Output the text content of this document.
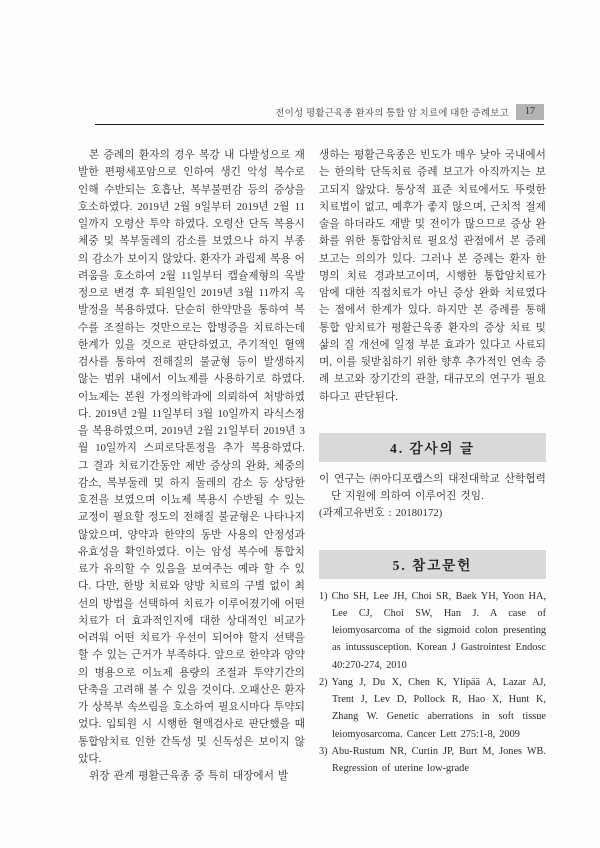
전이성 평활근육종 환자의 통합 암 치료에 대한 증례보고	17

본 증례의 환자의 경우 복강 내 다발성으로 재발한 편평세포암으로 인하여 생긴 악성 복수로 인해 수반되는 호흡난, 복부불편감 등의 증상을 호소하였다. 2019년 2월 9일부터 2019년 2월 11일까지 오령산 투약 하였다. 오령산 단독 복용시 체중 및 복부둘레의 감소를 보였으나 하지 부종의 감소가 보이지 않았다. 환자가 과립제 복용 어려움을 호소하여 2월 11일부터 캡슐제형의 옥발정으로 변경 후 퇴원일인 2019년 3월 11까지 옥발정을 복용하였다. 단순히 한약만을 통하여 복수를 조절하는 것만으로는 합병증을 치료하는데 한계가 있을 것으로 판단하였고, 주기적인 혈액검사를 통하여 전해질의 불균형 등이 발생하지 않는 범위 내에서 이뇨제를 사용하기로 하였다. 이뇨제는 본원 가정의학과에 의뢰하여 처방하였다. 2019년 2월 11일부터 3월 10일까지 라식스정을 복용하였으며, 2019년 2월 21일부터 2019년 3월 10일까지 스피로닥톤정을 추가 복용하였다. 그 결과 치료기간동안 제반 증상의 완화, 체중의 감소, 복부둘레 및 하지 둘레의 감소 등 상당한 호전을 보였으며 이뇨제 복용시 수반될 수 있는 교정이 필요할 정도의 전해질 불균형은 나타나지 않았으며, 양약과 한약의 동반 사용의 안정성과 유효성을 확인하였다. 이는 암성 복수에 통합치료가 유의할 수 있음을 보여주는 예라 할 수 있다. 다만, 한방 치료와 양방 치료의 구별 없이 최선의 방법을 선택하여 치료가 이루어졌기에 어떤 치료가 더 효과적인지에 대한 상대적인 비교가 어려워 어떤 치료가 우선이 되어야 할지 선택을 할 수 있는 근거가 부족하다. 앞으로 한약과 양약의 병용으로 이뇨제 용량의 조절과 투약기간의 단축을 고려해 볼 수 있을 것이다. 오패산은 환자가 상복부 속쓰림을 호소하여 필요시마다 투약되었다. 입퇴원 시 시행한 혈액검사로 판단했을 때 통합암치료 인한 간독성 및 신독성은 보이지 않았다.

위장 관계 평활근육종 중 특히 대장에서 발

생하는 평활근육종은 빈도가 매우 낮아 국내에서는 한의학 단독치료 증례 보고가 아직까지는 보고되지 않았다. 통상적 표준 치료에서도 뚜렷한 치료법이 없고, 예후가 좋지 않으며, 근치적 절제술을 하더라도 재발 및 전이가 많으므로 증상 완화를 위한 통합암치료 필요성 관점에서 본 증례보고는 의의가 있다. 그러나 본 증례는 환자 한 명의 치료 경과보고이며, 시행한 통합암치료가 암에 대한 직접치료가 아닌 증상 완화 치료였다는 점에서 한계가 있다. 하지만 본 증례를 통해 통합 암치료가 평활근육종 환자의 증상 치료 및 삶의 질 개선에 일정 부분 효과가 있다고 사료되며, 이를 뒷받침하기 위한 향후 추가적인 연속 증례 보고와 장기간의 관찰, 대규모의 연구가 필요하다고 판단된다.

4. 감사의 글

이 연구는 ㈜아디포랩스의 대전대학교 산학협력단 지원에 의하여 이루어진 것임.

(과제고유번호 : 20180172)

5. 참고문헌
1) Cho SH, Lee JH, Choi SR, Baek YH, Yoon HA, Lee CJ, Choi SW, Han J. A case of leiomyosarcoma of the sigmoid colon presenting as intussusception. Korean J Gastrointest Endosc 40:270-274, 2010
2) Yang J, Du X, Chen K, Ylipää A, Lazar AJ, Trent J, Lev D, Pollock R, Hao X, Hunt K, Zhang W. Genetic aberrations in soft tissue leiomyosarcoma. Cancer Lett 275:1-8, 2009
3) Abu-Rustum NR, Curtin JP, Burt M, Jones WB. Regression of uterine low-grade
